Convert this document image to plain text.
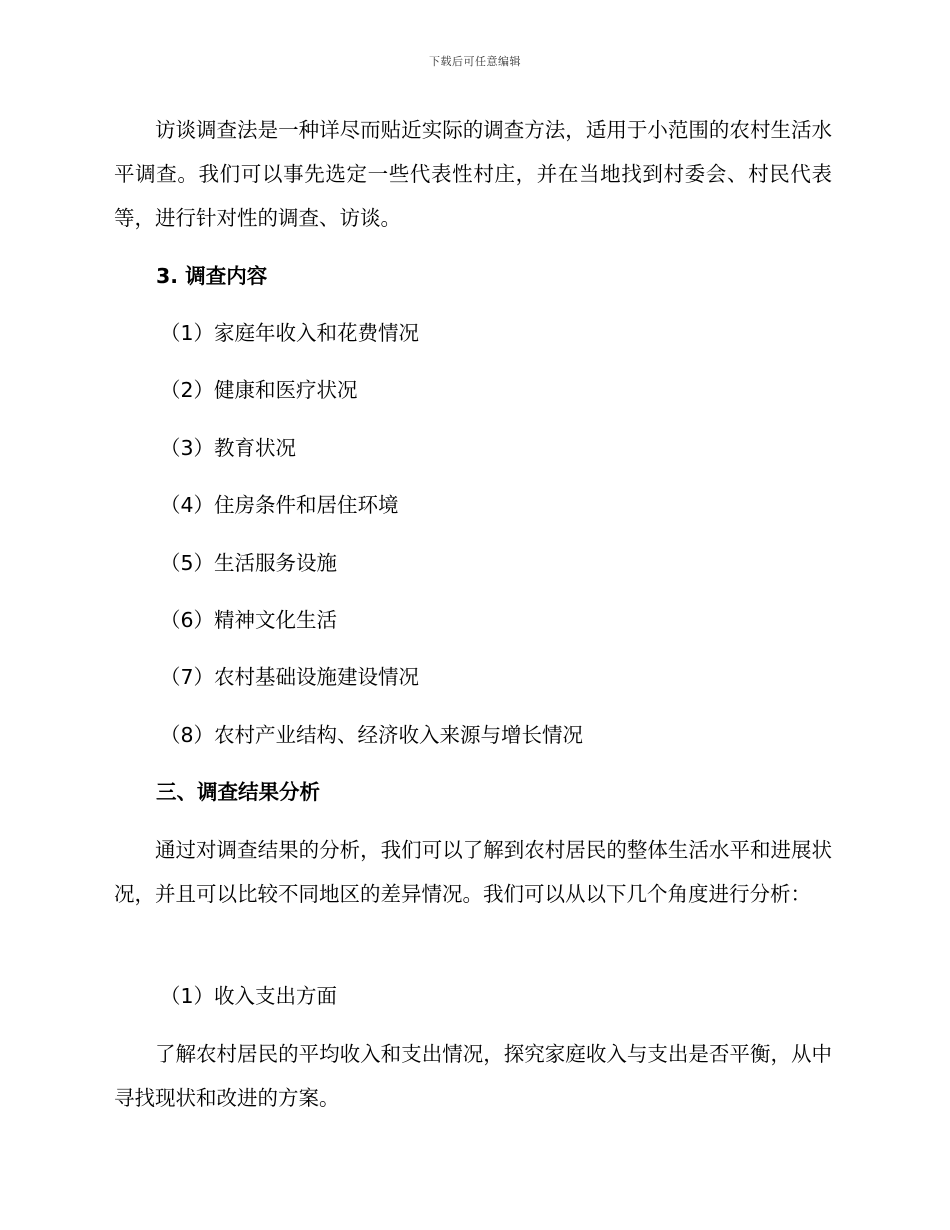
下载后可任意编辑

访谈调查法是一种详尽而贴近实际的调查方法，适用于小范围的农村生活水平调查。我们可以事先选定一些代表性村庄，并在当地找到村委会、村民代表等，进行针对性的调查、访谈。

3. 调查内容
（1）家庭年收入和花费情况
（2）健康和医疗状况
（3）教育状况
（4）住房条件和居住环境
（5）生活服务设施
（6）精神文化生活
（7）农村基础设施建设情况
（8）农村产业结构、经济收入来源与增长情况
三、调查结果分析

通过对调查结果的分析，我们可以了解到农村居民的整体生活水平和进展状况，并且可以比较不同地区的差异情况。我们可以从以下几个角度进行分析：

（1）收入支出方面

了解农村居民的平均收入和支出情况，探究家庭收入与支出是否平衡，从中寻找现状和改进的方案。
